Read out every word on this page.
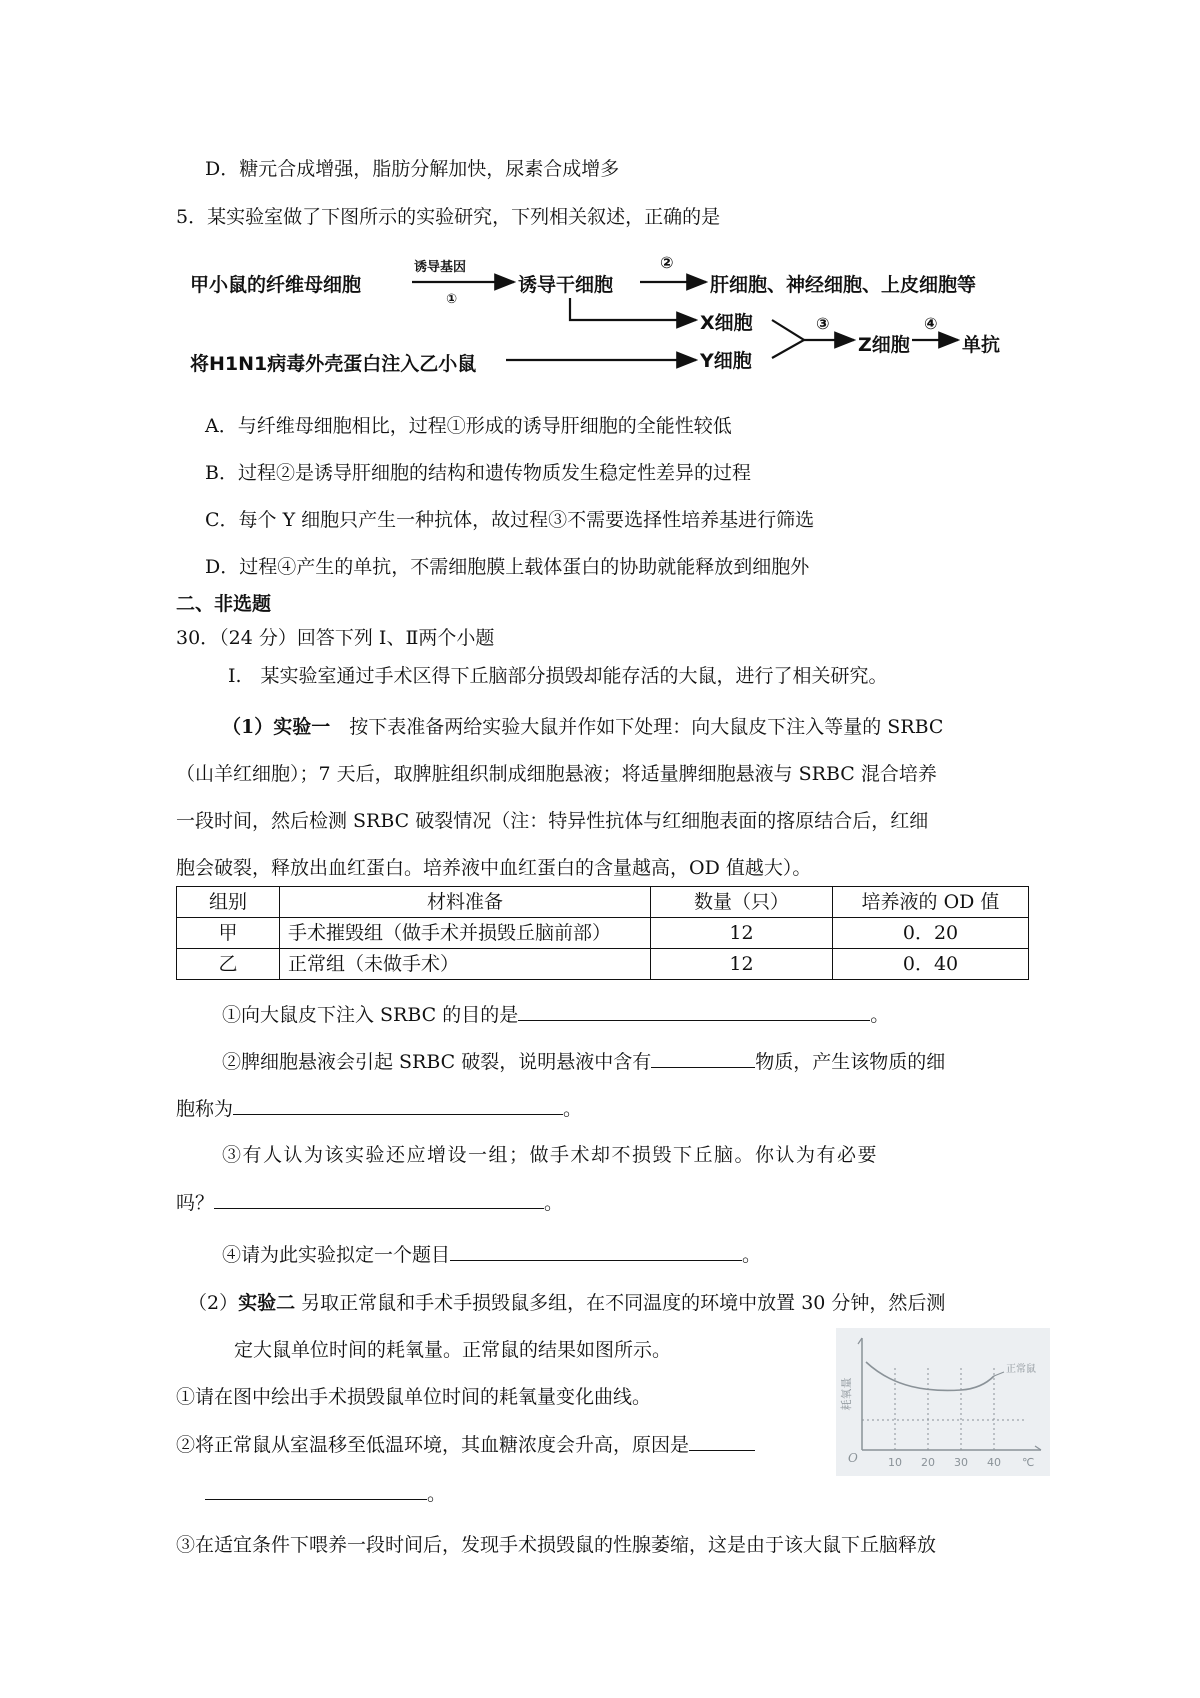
D．糖元合成增强，脂肪分解加快，尿素合成增多
5．某实验室做了下图所示的实验研究，下列相关叙述，正确的是
甲小鼠的纤维母细胞
诱导基因
①
诱导干细胞
②
肝细胞、神经细胞、上皮细胞等
X细胞
将H1N1病毒外壳蛋白注入乙小鼠	Y细胞
③
Z细胞
④
单抗
A．与纤维母细胞相比，过程①形成的诱导肝细胞的全能性较低
B．过程②是诱导肝细胞的结构和遗传物质发生稳定性差异的过程
C．每个 Y 细胞只产生一种抗体，故过程③不需要选择性培养基进行筛选
D．过程④产生的单抗，不需细胞膜上载体蛋白的协助就能释放到细胞外
二、非选题
30．（24 分）回答下列 I、Ⅱ两个小题
I.　某实验室通过手术区得下丘脑部分损毁却能存活的大鼠，进行了相关研究。
（1）实验一　按下表准备两给实验大鼠并作如下处理：向大鼠皮下注入等量的 SRBC
（山羊红细胞）；7 天后，取脾脏组织制成细胞悬液；将适量脾细胞悬液与 SRBC 混合培养
一段时间，然后检测 SRBC 破裂情况（注：特异性抗体与红细胞表面的揢原结合后，红细
胞会破裂，释放出血红蛋白。培养液中血红蛋白的含量越高，OD 值越大）。
组别	材料准备	数量（只）	培养液的 OD 值
甲	手术摧毁组（做手术并损毁丘脑前部）	12	0．20
乙	正常组（未做手术）	12	0．40
①向大鼠皮下注入 SRBC 的目的是	。
②脾细胞悬液会引起 SRBC 破裂，说明悬液中含有	物质，产生该物质的细
胞称为	。
③有人认为该实验还应增设一组；做手术却不损毁下丘脑。你认为有必要
吗？	。
④请为此实验拟定一个题目	。
（2）实验二 另取正常鼠和手术手损毁鼠多组，在不同温度的环境中放置 30 分钟，然后测
定大鼠单位时间的耗氧量。正常鼠的结果如图所示。
①请在图中绘出手术损毁鼠单位时间的耗氧量变化曲线。
②将正常鼠从室温移至低温环境，其血糖浓度会升高，原因是
。
③在适宜条件下喂养一段时间后，发现手术损毁鼠的性腺萎缩，这是由于该大鼠下丘脑释放
耗氧量
正常鼠
O	10 20 30 40 ℃
